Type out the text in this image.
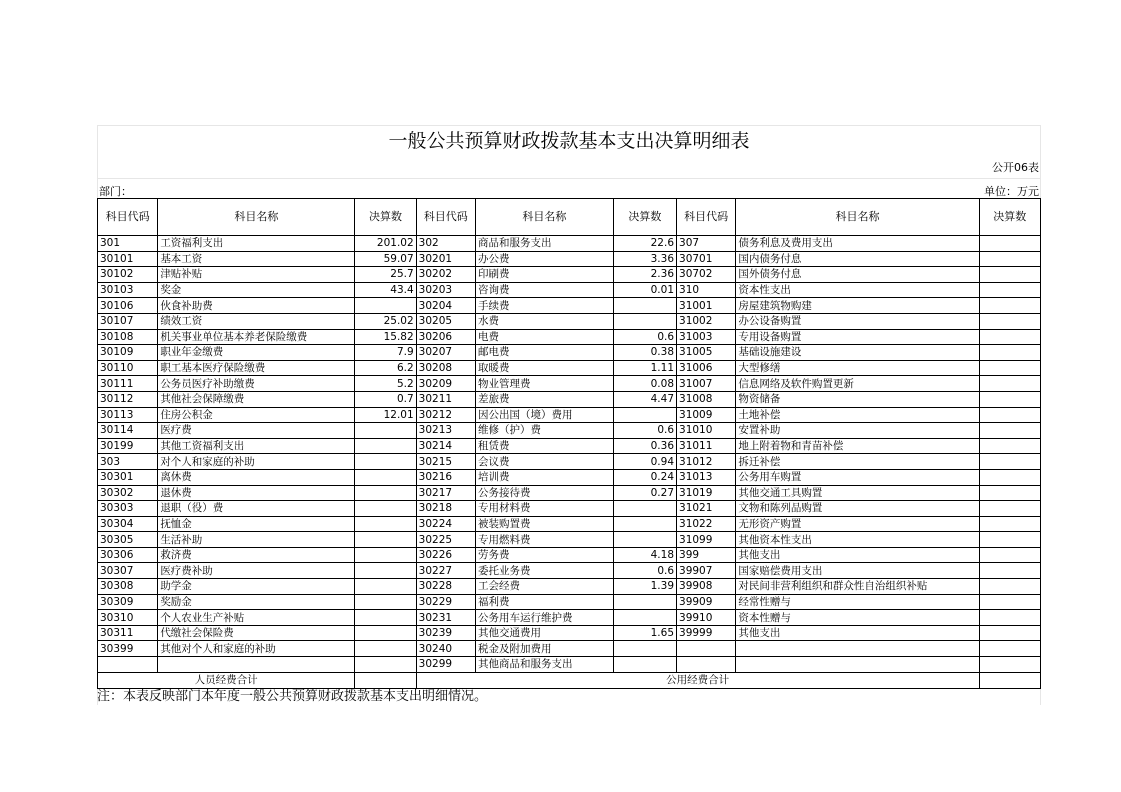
一般公共预算财政拨款基本支出决算明细表
公开06表
部门：	单位：万元
科目代码	科目名称	决算数	科目代码	科目名称	决算数	科目代码	科目名称	决算数
301	工资福利支出	201.02	302	商品和服务支出	22.6	307	债务利息及费用支出	
30101	基本工资	59.07	30201	办公费	3.36	30701	国内债务付息	
30102	津贴补贴	25.7	30202	印刷费	2.36	30702	国外债务付息	
30103	奖金	43.4	30203	咨询费	0.01	310	资本性支出	
30106	伙食补助费		30204	手续费		31001	房屋建筑物购建	
30107	绩效工资	25.02	30205	水费		31002	办公设备购置	
30108	机关事业单位基本养老保险缴费	15.82	30206	电费	0.6	31003	专用设备购置	
30109	职业年金缴费	7.9	30207	邮电费	0.38	31005	基础设施建设	
30110	职工基本医疗保险缴费	6.2	30208	取暖费	1.11	31006	大型修缮	
30111	公务员医疗补助缴费	5.2	30209	物业管理费	0.08	31007	信息网络及软件购置更新	
30112	其他社会保障缴费	0.7	30211	差旅费	4.47	31008	物资储备	
30113	住房公积金	12.01	30212	因公出国（境）费用		31009	土地补偿	
30114	医疗费		30213	维修（护）费	0.6	31010	安置补助	
30199	其他工资福利支出		30214	租赁费	0.36	31011	地上附着物和青苗补偿	
303	对个人和家庭的补助		30215	会议费	0.94	31012	拆迁补偿	
30301	离休费		30216	培训费	0.24	31013	公务用车购置	
30302	退休费		30217	公务接待费	0.27	31019	其他交通工具购置	
30303	退职（役）费		30218	专用材料费		31021	文物和陈列品购置	
30304	抚恤金		30224	被装购置费		31022	无形资产购置	
30305	生活补助		30225	专用燃料费		31099	其他资本性支出	
30306	救济费		30226	劳务费	4.18	399	其他支出	
30307	医疗费补助		30227	委托业务费	0.6	39907	国家赔偿费用支出	
30308	助学金		30228	工会经费	1.39	39908	对民间非营利组织和群众性自治组织补贴	
30309	奖励金		30229	福利费		39909	经常性赠与	
30310	个人农业生产补贴		30231	公务用车运行维护费		39910	资本性赠与	
30311	代缴社会保险费		30239	其他交通费用	1.65	39999	其他支出	
30399	其他对个人和家庭的补助		30240	税金及附加费用				
			30299	其他商品和服务支出				
人员经费合计			公用经费合计					
注：本表反映部门本年度一般公共预算财政拨款基本支出明细情况。
